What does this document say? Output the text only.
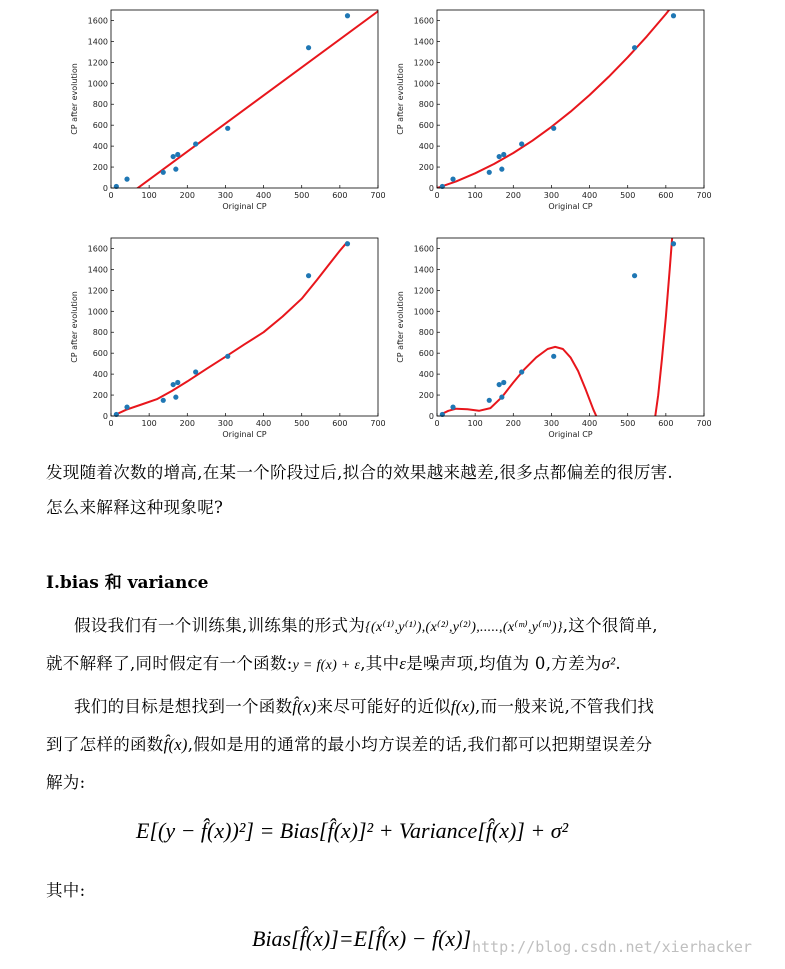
0	100	200	300	400	500	600	700
0
200
400
600
800
1000
1200
1400
1600
Original CP
CP after evolution
0	100	200	300	400	500	600	700
0
200
400
600
800
1000
1200
1400
1600
Original CP
CP after evolution
0	100	200	300	400	500	600	700
0
200
400
600
800
1000
1200
1400
1600
Original CP
CP after evolution
0	100	200	300	400	500	600	700
0
200
400
600
800
1000
1200
1400
1600
Original CP
CP after evolution
发现随着次数的增高,在某一个阶段过后,拟合的效果越来越差,很多点都偏差的很厉害.
怎么来解释这种现象呢?
Ⅰ.bias 和 variance
假设我们有一个训练集,训练集的形式为{(x⁽¹⁾,y⁽¹⁾),(x⁽²⁾,y⁽²⁾),.....,(x⁽ᵐ⁾,y⁽ᵐ⁾)},这个很简单,
就不解释了,同时假定有一个函数:y = f(x) + ε,其中ε是噪声项,均值为 0,方差为σ².
我们的目标是想找到一个函数f̂(x)来尽可能好的近似f(x),而一般来说,不管我们找
到了怎样的函数f̂(x),假如是用的通常的最小均方误差的话,我们都可以把期望误差分
解为:
E[(y − f̂(x))²] = Bias[f̂(x)]² + Variance[f̂(x)] + σ²
其中:
Bias[f̂(x)]=E[f̂(x) − f(x)] http://blog.csdn.net/xierhacker
